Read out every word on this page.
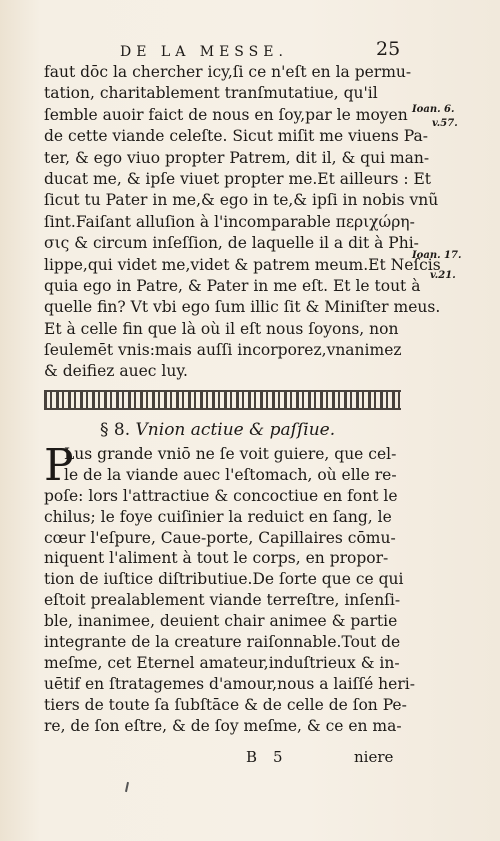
DE LA MESSE.	25
faut dōc la chercher icy,ſi ce n'eſt en la permu-
tation, charitablement tranſmutatiue, qu'il
ſemble auoir faict de nous en ſoy,par le moyen
de cette viande celeſte. Sicut miſit me viuens Pa-
ter, & ego viuo propter Patrem, dit il, & qui man-
ducat me, & ipſe viuet propter me.Et ailleurs : Et
ſicut tu Pater in me,& ego in te,& ipſi in nobis vnũ
ſint.Faiſant alluſion à l'incomparable περιχώρη-
σις & circum inſeſſion, de laquelle il a dit à Phi-
lippe,qui videt me,videt & patrem meum.Et Neſcis
quia ego in Patre, & Pater in me eſt. Et le tout à
quelle fin? Vt vbi ego ſum illic ſit & Miniſter meus.
Et à celle fin que là où il eſt nous ſoyons, non
ſeulemēt vnis:mais auſſi incorporez,vnanimez
& deifiez auec luy.
Ioan. 6.
v.57.
Ioan. 17.
v.21.
§ 8. Vnion actiue & paſſiue.
P
Lus grande vniō ne ſe voit guiere, que cel-
le de la viande auec l'eſtomach, où elle re-
poſe: lors l'attractiue & concoctiue en font le
chilus; le foye cuiſinier la reduict en ſang, le
cœur l'eſpure, Caue-porte, Capillaires cōmu-
niquent l'aliment à tout le corps, en propor-
tion de iuſtice diſtributiue.De ſorte que ce qui
eſtoit prealablement viande terreſtre, inſenſi-
ble, inanimee, deuient chair animee & partie
integrante de la creature raiſonnable.Tout de
meſme, cet Eternel amateur,induſtrieux & in-
uētif en ſtratagemes d'amour,nous a laiſſé heri-
tiers de toute ſa ſubſtāce & de celle de ſon Pe-
re, de ſon eſtre, & de ſoy meſme, & ce en ma-
B 5	niere
